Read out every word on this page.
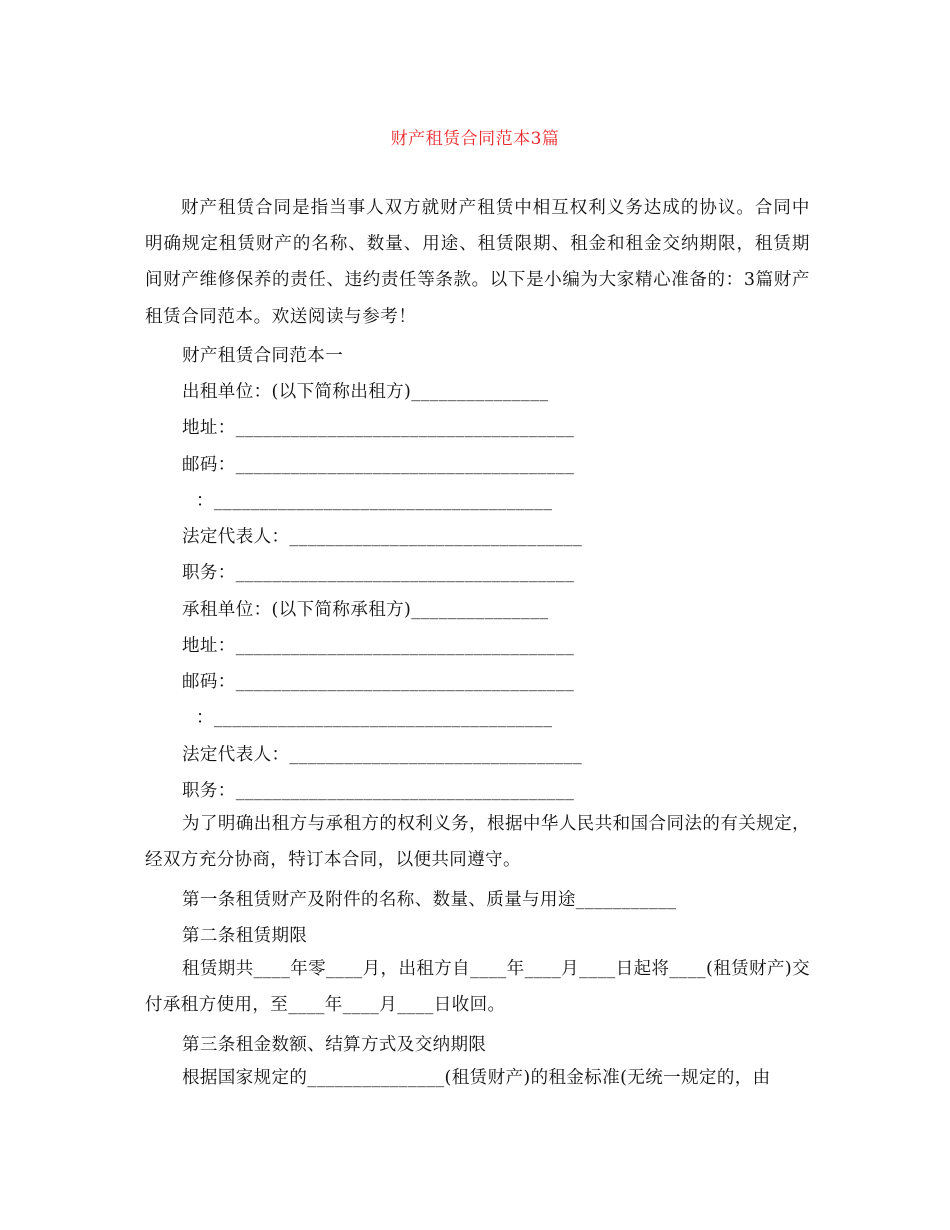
财产租赁合同范本3篇
财产租赁合同是指当事人双方就财产租赁中相互权利义务达成的协议。合同中明确规定租赁财产的名称、数量、用途、租赁限期、租金和租金交纳期限，租赁期间财产维修保养的责任、违约责任等条款。以下是小编为大家精心准备的：3篇财产租赁合同范本。欢送阅读与参考！
财产租赁合同范本一
出租单位：(以下简称出租方)_______________
地址：_____________________________________
邮码：_____________________________________
：_____________________________________
法定代表人：________________________________
职务：_____________________________________
承租单位：(以下简称承租方)_______________
地址：_____________________________________
邮码：_____________________________________
：_____________________________________
法定代表人：________________________________
职务：_____________________________________
为了明确出租方与承租方的权利义务，根据中华人民共和国合同法的有关规定，经双方充分协商，特订本合同，以便共同遵守。
第一条租赁财产及附件的名称、数量、质量与用途___________
第二条租赁期限
租赁期共____年零____月，出租方自____年____月____日起将____(租赁财产)交付承租方使用，至____年____月____日收回。
第三条租金数额、结算方式及交纳期限
根据国家规定的_______________(租赁财产)的租金标准(无统一规定的，由
